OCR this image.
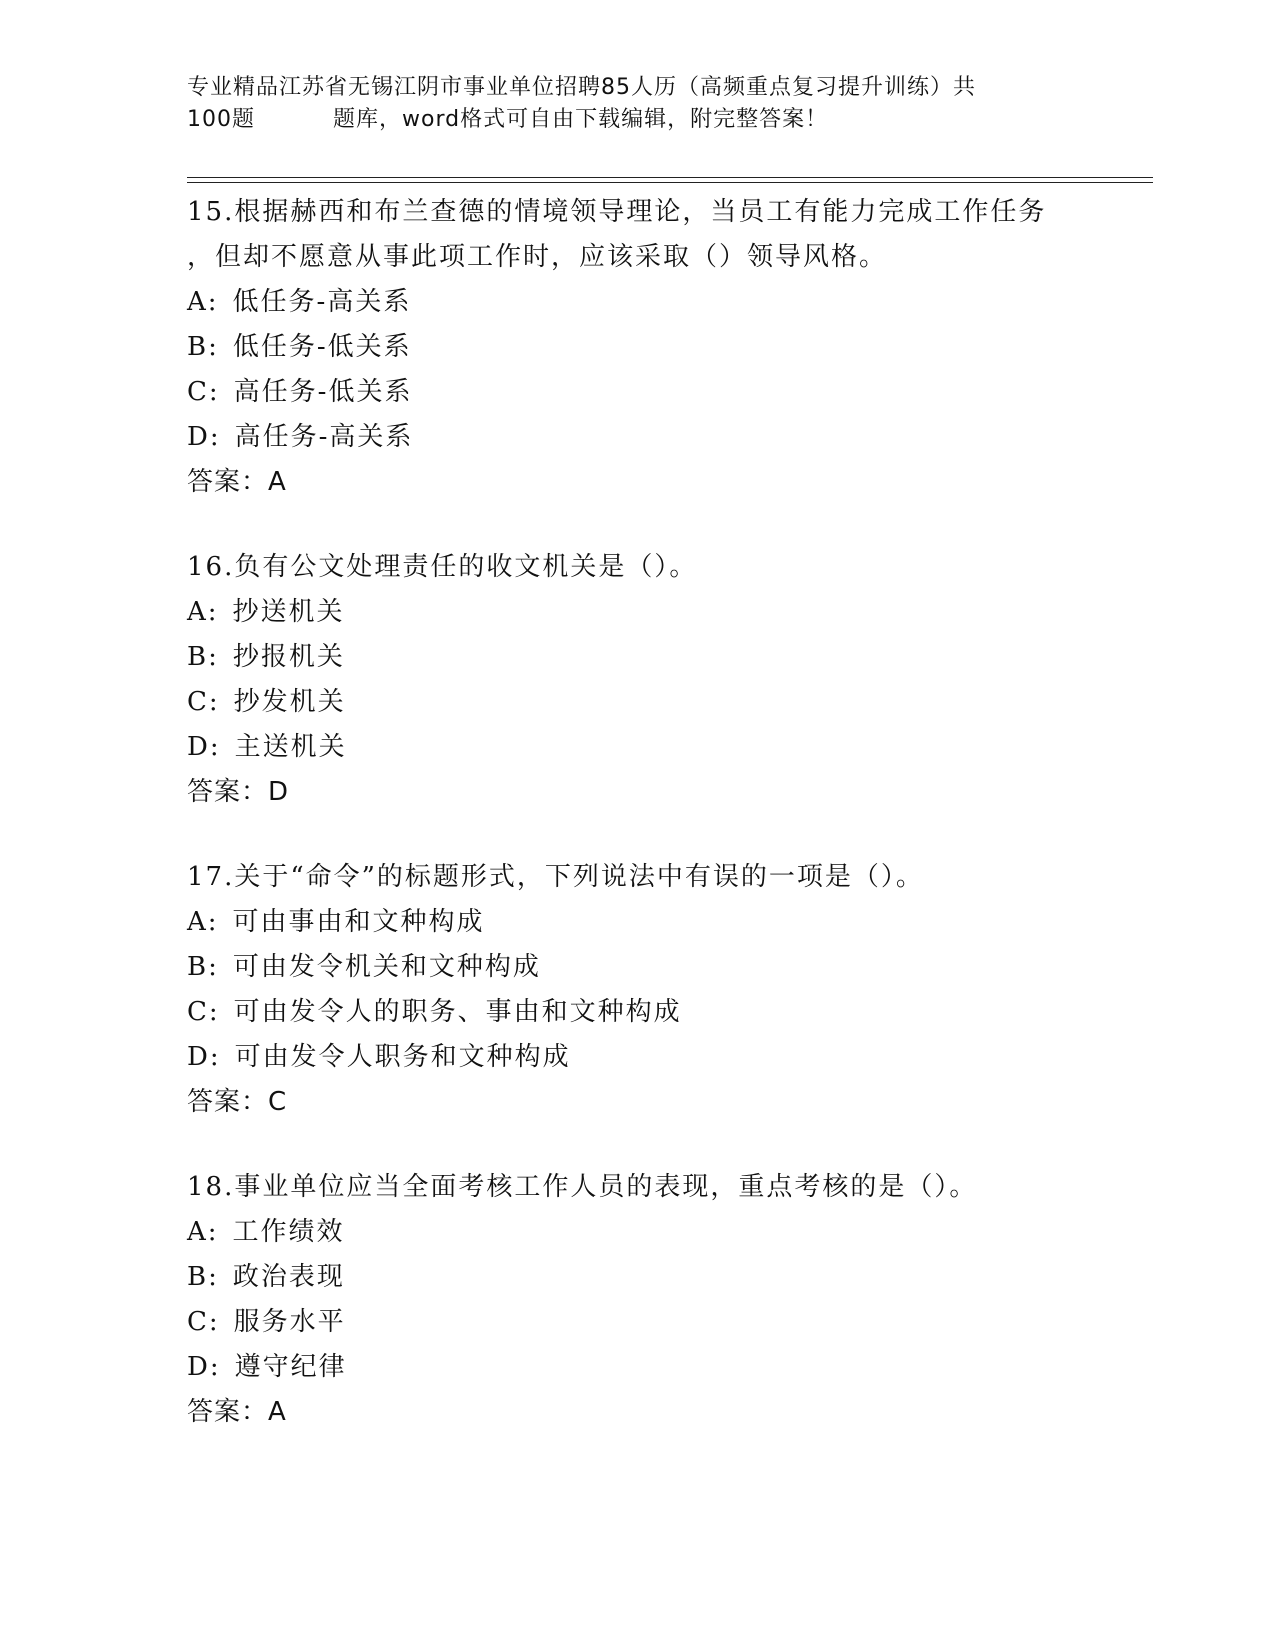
专业精品江苏省无锡江阴市事业单位招聘85人历（高频重点复习提升训练）共
100题	题库，word格式可自由下载编辑，附完整答案！
15.根据赫西和布兰查德的情境领导理论，当员工有能力完成工作任务
，但却不愿意从事此项工作时，应该采取（）领导风格。
A: 低任务-高关系
B: 低任务-低关系
C: 高任务-低关系
D: 高任务-高关系
答案：A
16.负有公文处理责任的收文机关是（）。
A: 抄送机关
B: 抄报机关
C: 抄发机关
D: 主送机关
答案：D
17.关于“命令”的标题形式，下列说法中有误的一项是（）。
A: 可由事由和文种构成
B: 可由发令机关和文种构成
C: 可由发令人的职务、事由和文种构成
D: 可由发令人职务和文种构成
答案：C
18.事业单位应当全面考核工作人员的表现，重点考核的是（）。
A: 工作绩效
B: 政治表现
C: 服务水平
D: 遵守纪律
答案：A
